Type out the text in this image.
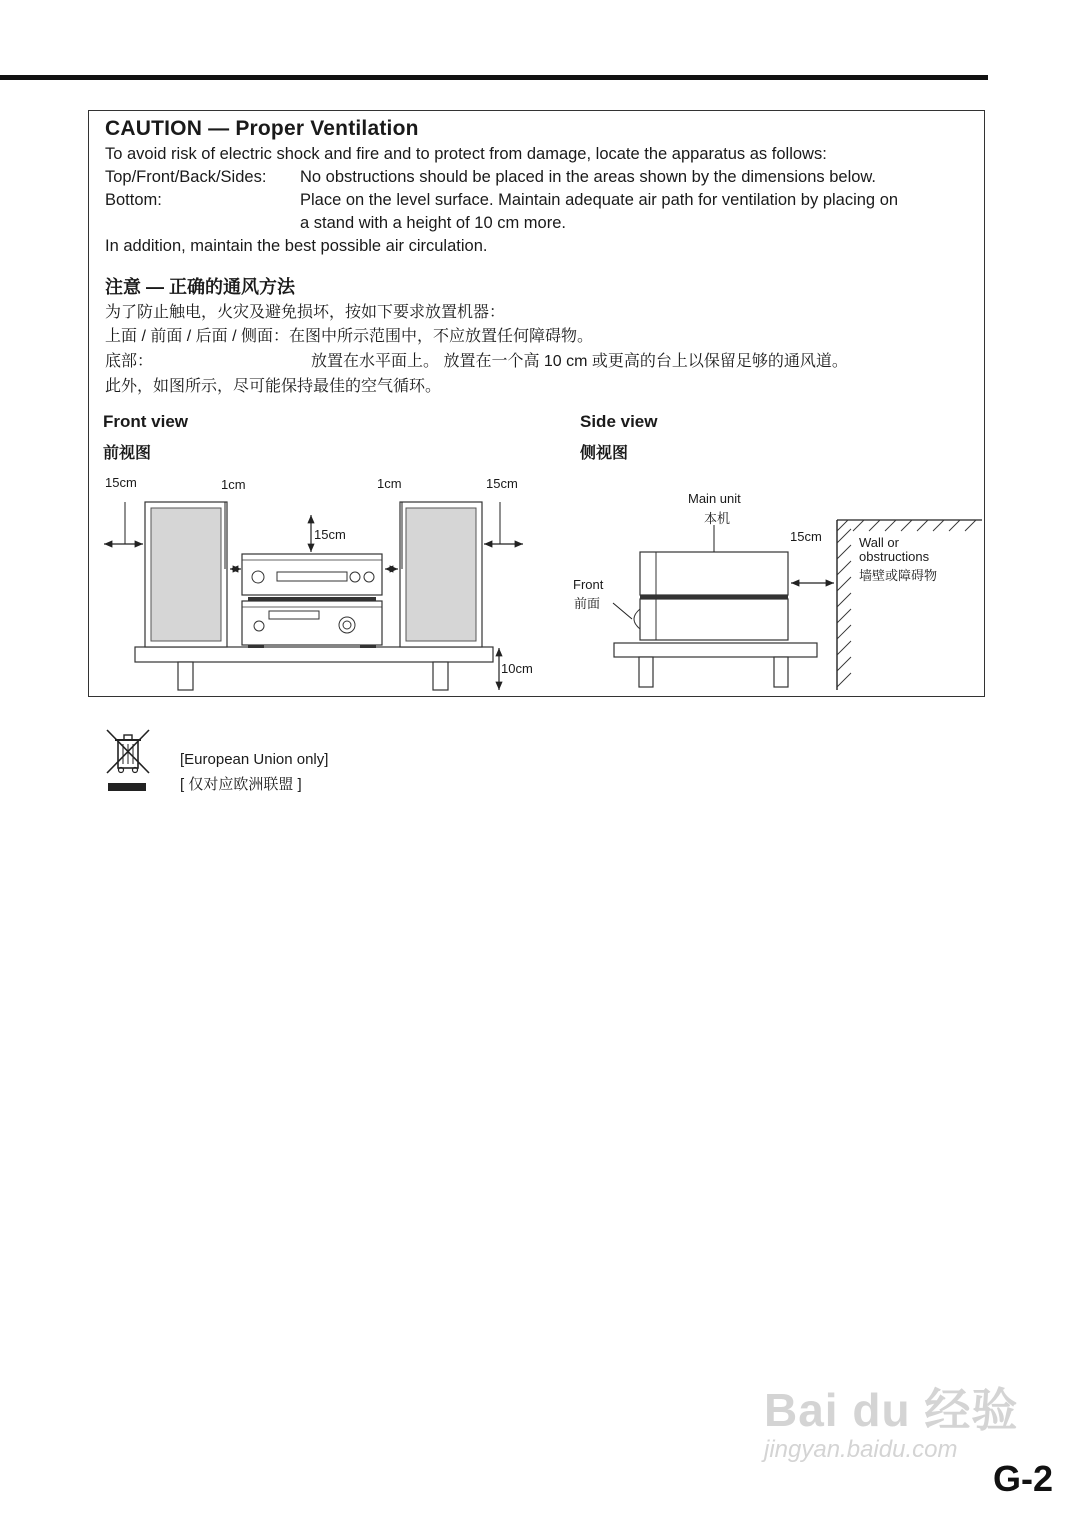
CAUTION — Proper Ventilation
To avoid risk of electric shock and fire and to protect from damage, locate the apparatus as follows:
Top/Front/Back/Sides: No obstructions should be placed in the areas shown by the dimensions below.
Bottom:	Place on the level surface. Maintain adequate air path for ventilation by placing on
a stand with a height of 10 cm more.
In addition, maintain the best possible air circulation.
注意 — 正确的通风方法
为了防止触电，火灾及避免损坏，按如下要求放置机器：
上面 / 前面 / 后面 / 侧面：在图中所示范围中，不应放置任何障碍物。
底部：	放置在水平面上。 放置在一个高 10 cm 或更高的台上以保留足够的通风道。
此外，如图所示，尽可能保持最佳的空气循环。
Front view
前视图
Side view
侧视图
15cm	1cm
15cm
1cm	15cm
10cm
Main unit
本机
15cm	Wall or
obstructions
墙壁或障碍物
Front
前面
[European Union only]
[ 仅对应欧洲联盟 ]
Bai du 经验
jingyan.baidu.com
G-2
